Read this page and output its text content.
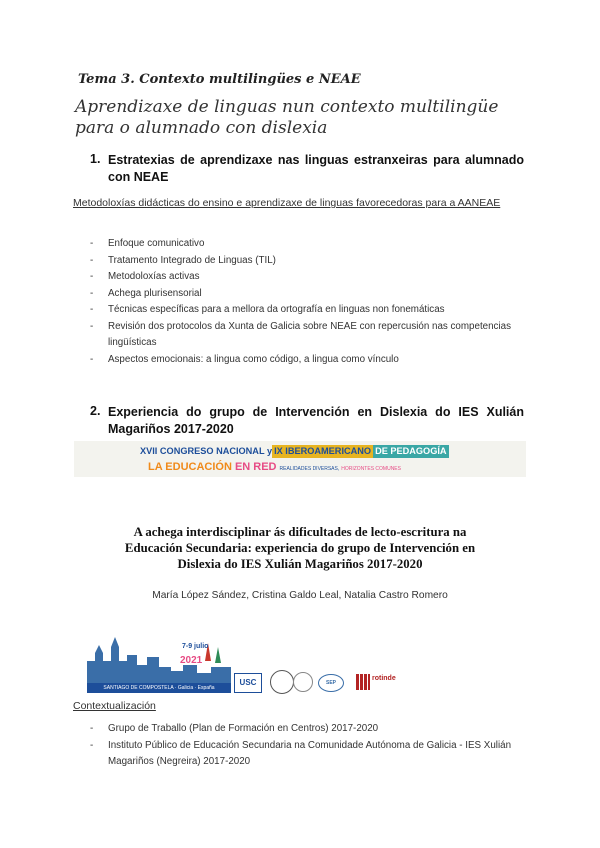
Tema 3. Contexto multilingües e NEAE
Aprendizaxe de linguas nun contexto multilingüe para o alumnado con dislexia
1. Estratexias de aprendizaxe nas linguas estranxeiras para alumnado con NEAE
Metodoloxías didácticas do ensino e aprendizaxe de linguas favorecedoras para a AANEAE
- Enfoque comunicativo
- Tratamento Integrado de Linguas (TIL)
- Metodoloxías activas
- Achega plurisensorial
- Técnicas específicas para a mellora da ortografía en linguas non fonemáticas
- Revisión dos protocolos da Xunta de Galicia sobre NEAE con repercusión nas competencias lingüísticas
- Aspectos emocionais: a lingua como código, a lingua como vínculo
2. Experiencia do grupo de Intervención en Dislexia do IES Xulián Magariños 2017-2020
XVII CONGRESO NACIONAL y IX IBEROAMERICANO DE PEDAGOGÍA
LA EDUCACIÓN EN RED REALIDADES DIVERSAS, HORIZONTES COMUNES
A achega interdisciplinar ás dificultades de lecto-escritura na Educación Secundaria: experiencia do grupo de Intervención en Dislexia do IES Xulián Magariños 2017-2020
María López Sández, Cristina Galdo Leal, Natalia Castro Romero
7-9 julio
2021
SANTIAGO DE COMPOSTELA · Galicia · España
USC	SEP
rotinde
Contextualización
- Grupo de Traballo (Plan de Formación en Centros) 2017-2020
- Instituto Público de Educación Secundaria na Comunidade Autónoma de Galicia - IES Xulián Magariños (Negreira) 2017-2020
